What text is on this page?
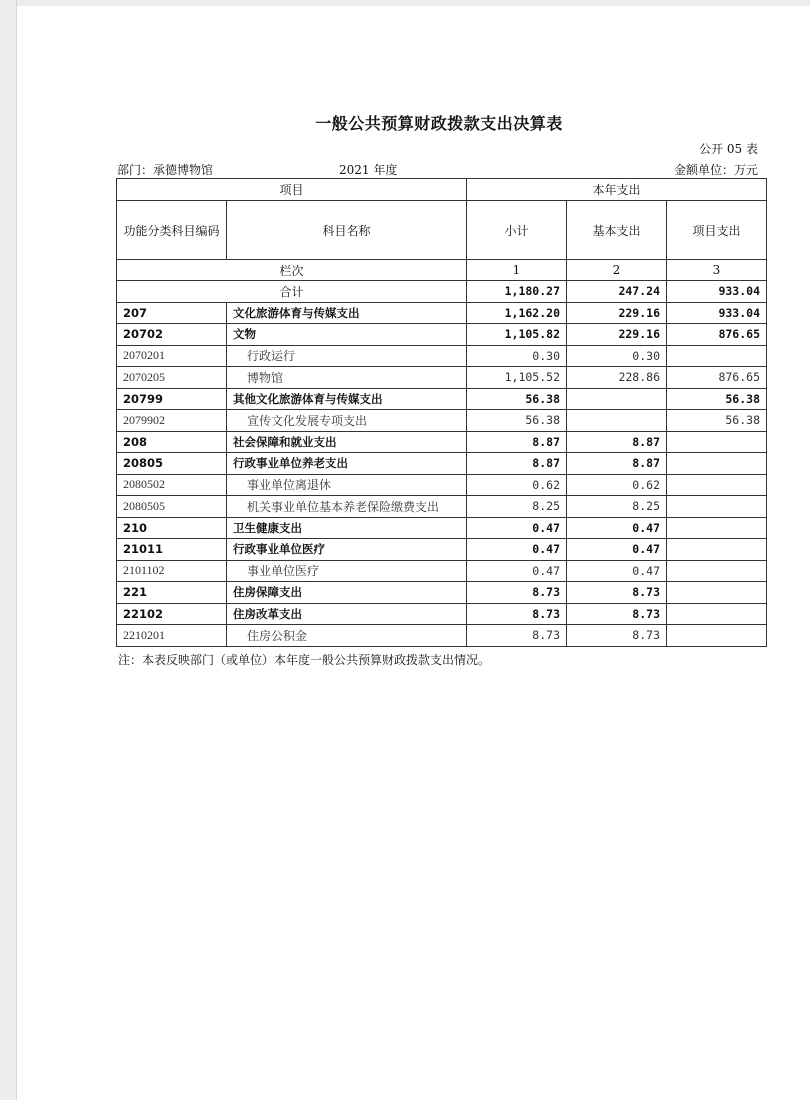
一般公共预算财政拨款支出决算表
公开 05 表
部门：承德博物馆	2021 年度	金额单位：万元
项目		本年支出		
功能分类科目编码	科目名称	小计	基本支出	项目支出
栏次		1	2	3
合计		1,180.27	247.24	933.04
207	文化旅游体育与传媒支出	1,162.20	229.16	933.04
20702	文物	1,105.82	229.16	876.65
2070201	行政运行	0.30	0.30	
2070205	博物馆	1,105.52	228.86	876.65
20799	其他文化旅游体育与传媒支出	56.38		56.38
2079902	宣传文化发展专项支出	56.38		56.38
208	社会保障和就业支出	8.87	8.87	
20805	行政事业单位养老支出	8.87	8.87	
2080502	事业单位离退休	0.62	0.62	
2080505	机关事业单位基本养老保险缴费支出	8.25	8.25	
210	卫生健康支出	0.47	0.47	
21011	行政事业单位医疗	0.47	0.47	
2101102	事业单位医疗	0.47	0.47	
221	住房保障支出	8.73	8.73	
22102	住房改革支出	8.73	8.73	
2210201	住房公积金	8.73	8.73	
注：本表反映部门（或单位）本年度一般公共预算财政拨款支出情况。
